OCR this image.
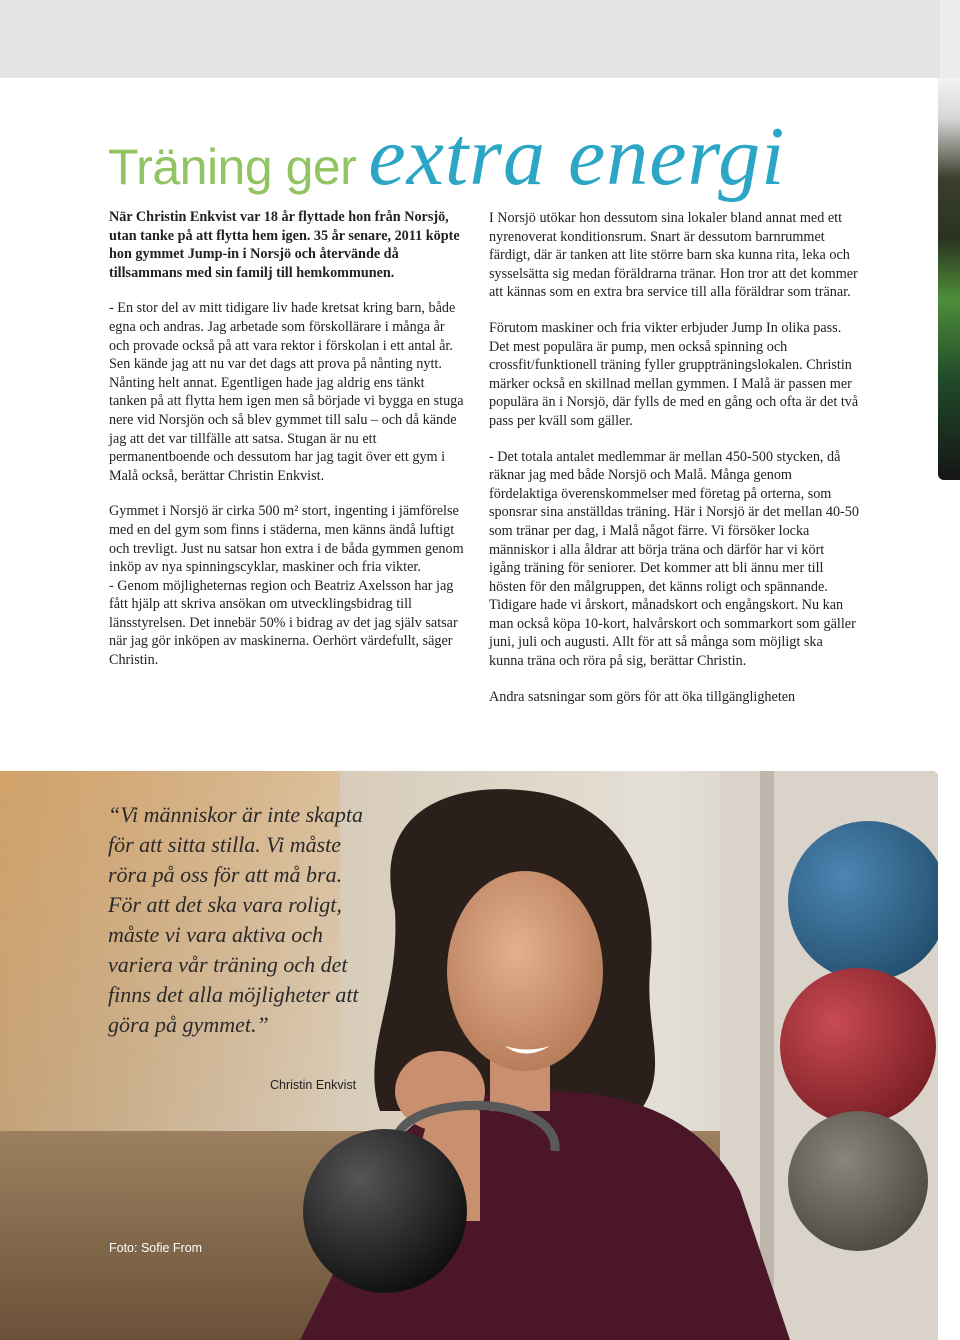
Träning ger extra energi

När Christin Enkvist var 18 år flyttade hon från Norsjö, utan tanke på att flytta hem igen. 35 år senare, 2011 köpte hon gymmet Jump-in i Norsjö och återvände då tillsammans med sin familj till hemkommunen.

- En stor del av mitt tidigare liv hade kretsat kring barn, både egna och andras. Jag arbetade som förskollärare i många år och provade också på att vara rektor i förskolan i ett antal år. Sen kände jag att nu var det dags att prova på nånting nytt. Nånting helt annat. Egentligen hade jag aldrig ens tänkt tanken på att flytta hem igen men så började vi bygga en stuga nere vid Norsjön och så blev gymmet till salu – och då kände jag att det var tillfälle att satsa. Stugan är nu ett permanentboende och dessutom har jag tagit över ett gym i Malå också, berättar Christin Enkvist.

Gymmet i Norsjö är cirka 500 m² stort, ingenting i jämförelse med en del gym som finns i städerna, men känns ändå luftigt och trevligt. Just nu satsar hon extra i de båda gymmen genom inköp av nya spinningscyklar, maskiner och fria vikter.

- Genom möjligheternas region och Beatriz Axelsson har jag fått hjälp att skriva ansökan om utvecklingsbidrag till länsstyrelsen. Det innebär 50% i bidrag av det jag själv satsar när jag gör inköpen av maskinerna. Oerhört värdefullt, säger Christin.

I Norsjö utökar hon dessutom sina lokaler bland annat med ett nyrenoverat konditionsrum. Snart är dessutom barnrummet färdigt, där är tanken att lite större barn ska kunna rita, leka och sysselsätta sig medan föräldrarna tränar. Hon tror att det kommer att kännas som en extra bra service till alla föräldrar som tränar.

Förutom maskiner och fria vikter erbjuder Jump In olika pass. Det mest populära är pump, men också spinning och crossfit/funktionell träning fyller gruppträningslokalen. Christin märker också en skillnad mellan gymmen. I Malå är passen mer populära än i Norsjö, där fylls de med en gång och ofta är det två pass per kväll som gäller.

- Det totala antalet medlemmar är mellan 450-500 stycken, då räknar jag med både Norsjö och Malå. Många genom fördelaktiga överenskommelser med företag på orterna, som sponsrar sina anställdas träning. Här i Norsjö är det mellan 40-50 som tränar per dag, i Malå något färre. Vi försöker locka människor i alla åldrar att börja träna och därför har vi kört igång träning för seniorer. Det kommer att bli ännu mer till hösten för den målgruppen, det känns roligt och spännande. Tidigare hade vi årskort, månadskort och engångskort. Nu kan man också köpa 10-kort, halvårskort och sommarkort som gäller juni, juli och augusti. Allt för att så många som möjligt ska kunna träna och röra på sig, berättar Christin.

Andra satsningar som görs för att öka tillgängligheten

“Vi människor är inte skapta för att sitta stilla. Vi måste röra på oss för att må bra. För att det ska vara roligt, måste vi vara aktiva och variera vår träning och det finns det alla möjligheter att göra på gymmet.”

Christin Enkvist
Foto: Sofie From
